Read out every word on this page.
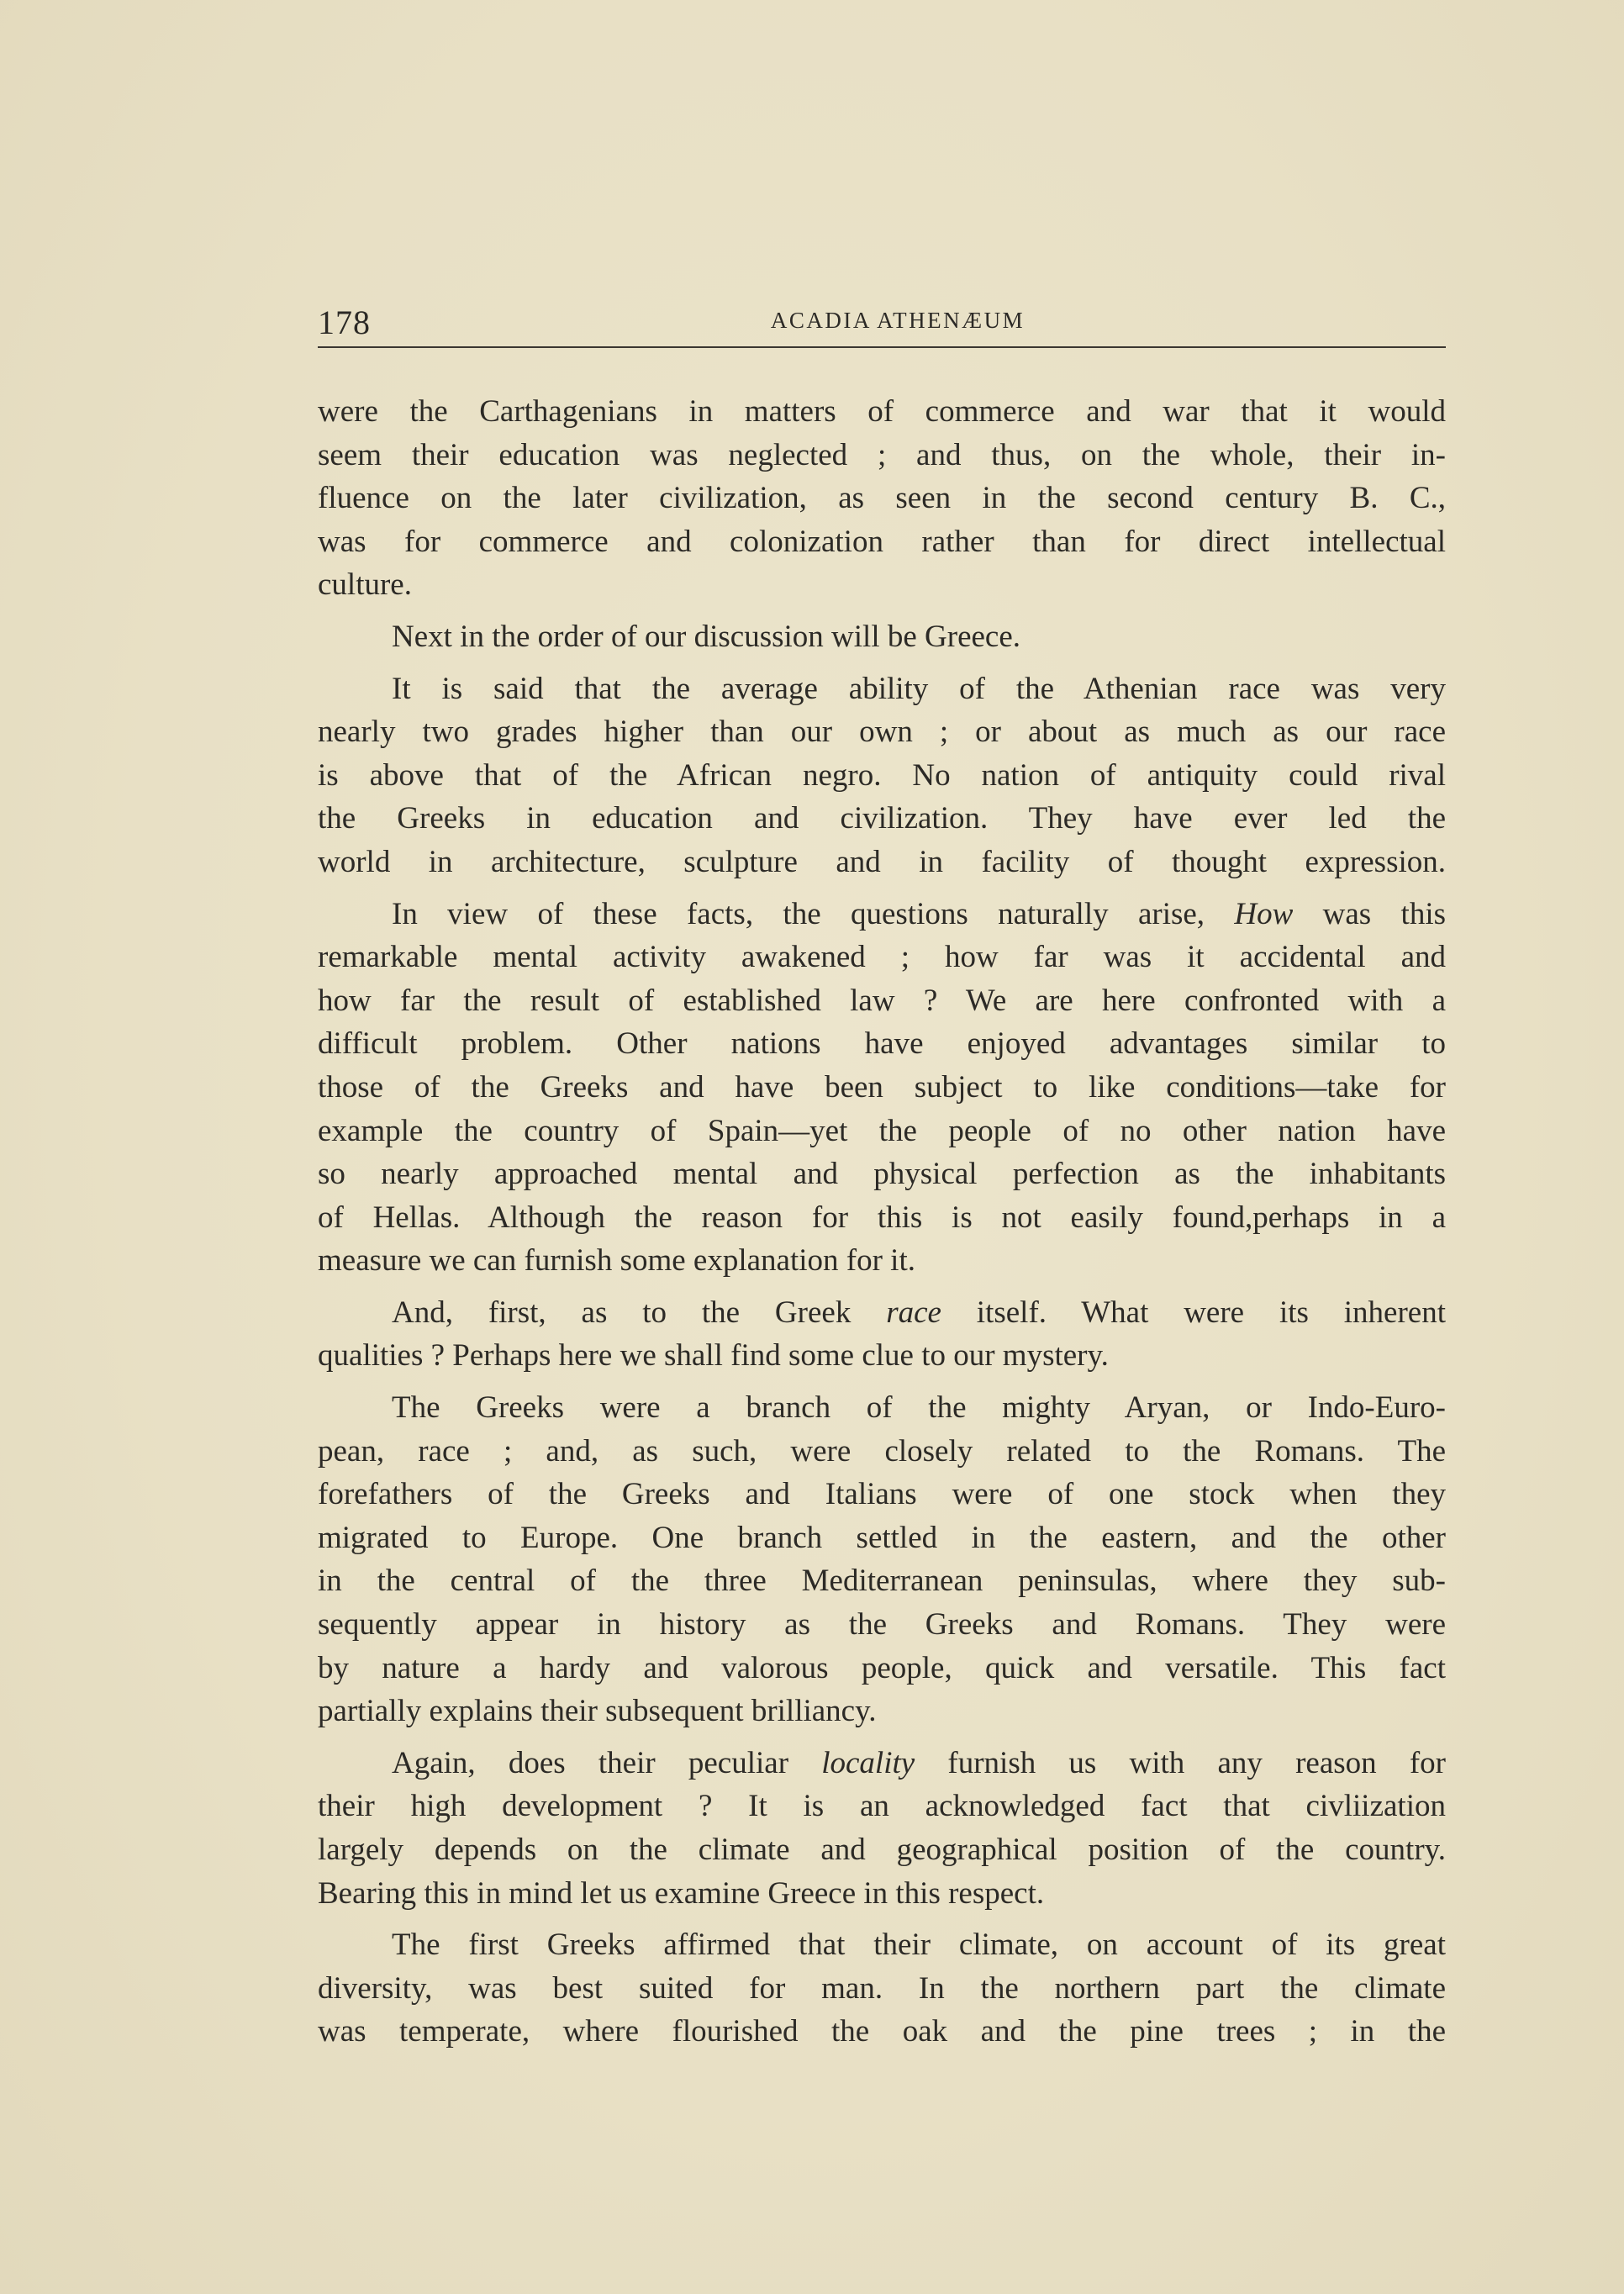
178	ACADIA ATHENÆUM
were the Carthagenians in matters of commerce and war that it would
seem their education was neglected ; and thus, on the whole, their in-
fluence on the later civilization, as seen in the second century B. C.,
was for commerce and colonization rather than for direct intellectual
culture.
Next in the order of our discussion will be Greece.
It is said that the average ability of the Athenian race was very
nearly two grades higher than our own ; or about as much as our race
is above that of the African negro. No nation of antiquity could rival
the Greeks in education and civilization. They have ever led the
world in architecture, sculpture and in facility of thought expression.
In view of these facts, the questions naturally arise, How was this
remarkable mental activity awakened ; how far was it accidental and
how far the result of established law ? We are here confronted with a
difficult problem. Other nations have enjoyed advantages similar to
those of the Greeks and have been subject to like conditions—take for
example the country of Spain—yet the people of no other nation have
so nearly approached mental and physical perfection as the inhabitants
of Hellas. Although the reason for this is not easily found,perhaps in a
measure we can furnish some explanation for it.
And, first, as to the Greek race itself. What were its inherent
qualities ? Perhaps here we shall find some clue to our mystery.
The Greeks were a branch of the mighty Aryan, or Indo-Euro-
pean, race ; and, as such, were closely related to the Romans. The
forefathers of the Greeks and Italians were of one stock when they
migrated to Europe. One branch settled in the eastern, and the other
in the central of the three Mediterranean peninsulas, where they sub-
sequently appear in history as the Greeks and Romans. They were
by nature a hardy and valorous people, quick and versatile. This fact
partially explains their subsequent brilliancy.
Again, does their peculiar locality furnish us with any reason for
their high development ? It is an acknowledged fact that civliization
largely depends on the climate and geographical position of the country.
Bearing this in mind let us examine Greece in this respect.
The first Greeks affirmed that their climate, on account of its great
diversity, was best suited for man. In the northern part the climate
was temperate, where flourished the oak and the pine trees ; in the
